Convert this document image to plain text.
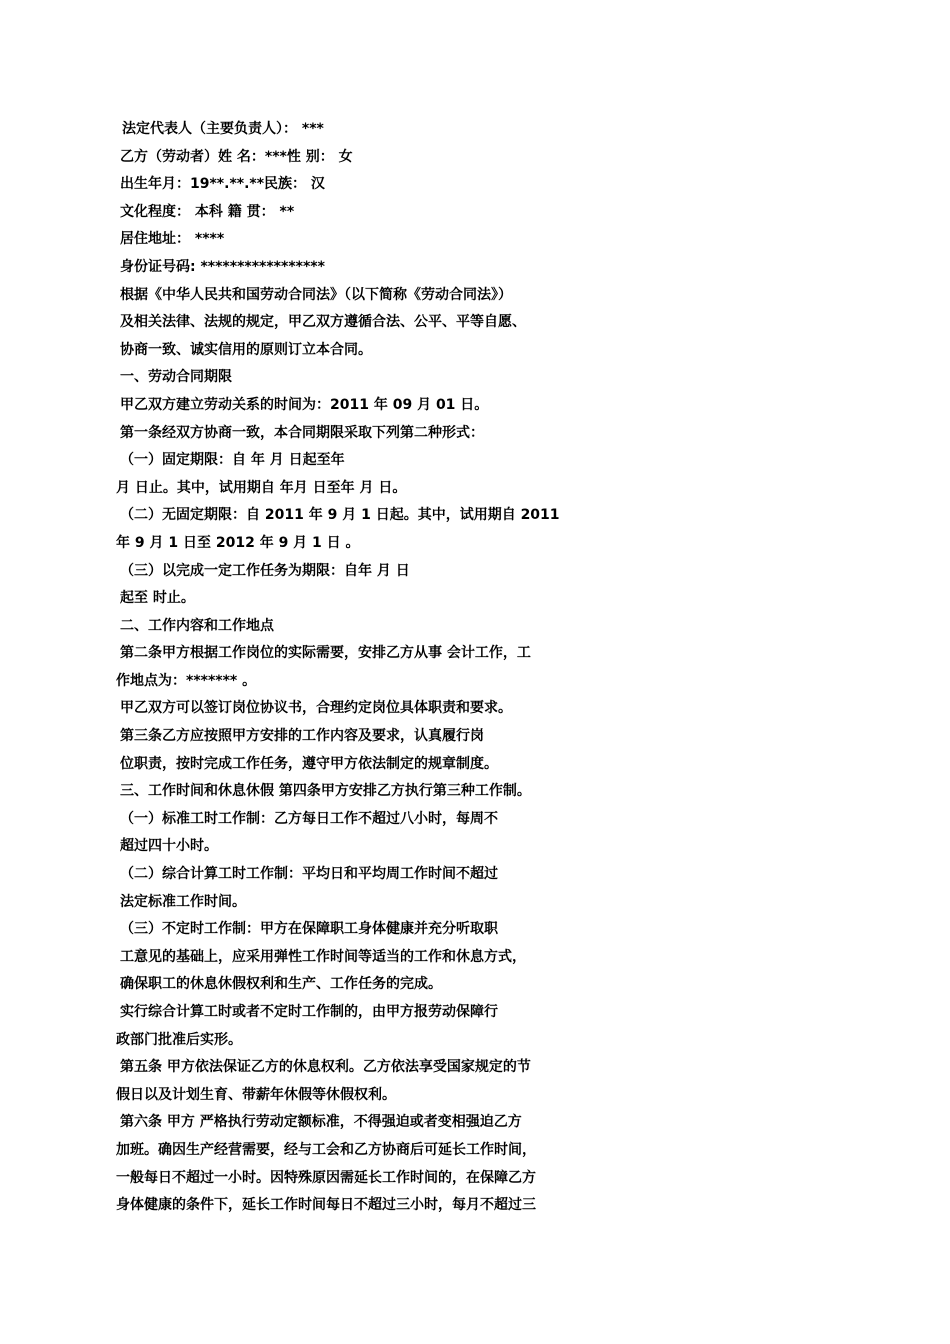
法定代表人（主要负责人）： ***
乙方（劳动者）姓 名：***性 别： 女
出生年月：19**.**.**民族： 汉
文化程度： 本科 籍 贯： **
居住地址： ****
身份证号码: *****************
根据《中华人民共和国劳动合同法》（以下简称《劳动合同法》）
及相关法律、法规的规定，甲乙双方遵循合法、公平、平等自愿、
协商一致、诚实信用的原则订立本合同。
一、劳动合同期限
甲乙双方建立劳动关系的时间为：2011 年 09 月 01 日。
第一条经双方协商一致，本合同期限采取下列第二种形式：
（一）固定期限：自 年 月 日起至年
月 日止。其中，试用期自 年月 日至年 月 日。
（二）无固定期限：自 2011 年 9 月 1 日起。其中，试用期自 2011
年 9 月 1 日至 2012 年 9 月 1 日 。
（三）以完成一定工作任务为期限：自年 月 日
起至 时止。
二、工作内容和工作地点
第二条甲方根据工作岗位的实际需要，安排乙方从事 会计工作，工
作地点为：******* 。
甲乙双方可以签订岗位协议书，合理约定岗位具体职责和要求。
第三条乙方应按照甲方安排的工作内容及要求，认真履行岗
位职责，按时完成工作任务，遵守甲方依法制定的规章制度。
三、工作时间和休息休假 第四条甲方安排乙方执行第三种工作制。
（一）标准工时工作制：乙方每日工作不超过八小时，每周不
超过四十小时。
（二）综合计算工时工作制：平均日和平均周工作时间不超过
法定标准工作时间。
（三）不定时工作制：甲方在保障职工身体健康并充分听取职
工意见的基础上，应采用弹性工作时间等适当的工作和休息方式，
确保职工的休息休假权利和生产、工作任务的完成。
实行综合计算工时或者不定时工作制的，由甲方报劳动保障行
政部门批准后实形。
第五条 甲方依法保证乙方的休息权利。乙方依法享受国家规定的节
假日以及计划生育、带薪年休假等休假权利。
第六条 甲方 严格执行劳动定额标准，不得强迫或者变相强迫乙方
加班。确因生产经营需要，经与工会和乙方协商后可延长工作时间，
一般每日不超过一小时。因特殊原因需延长工作时间的，在保障乙方
身体健康的条件下，延长工作时间每日不超过三小时，每月不超过三
